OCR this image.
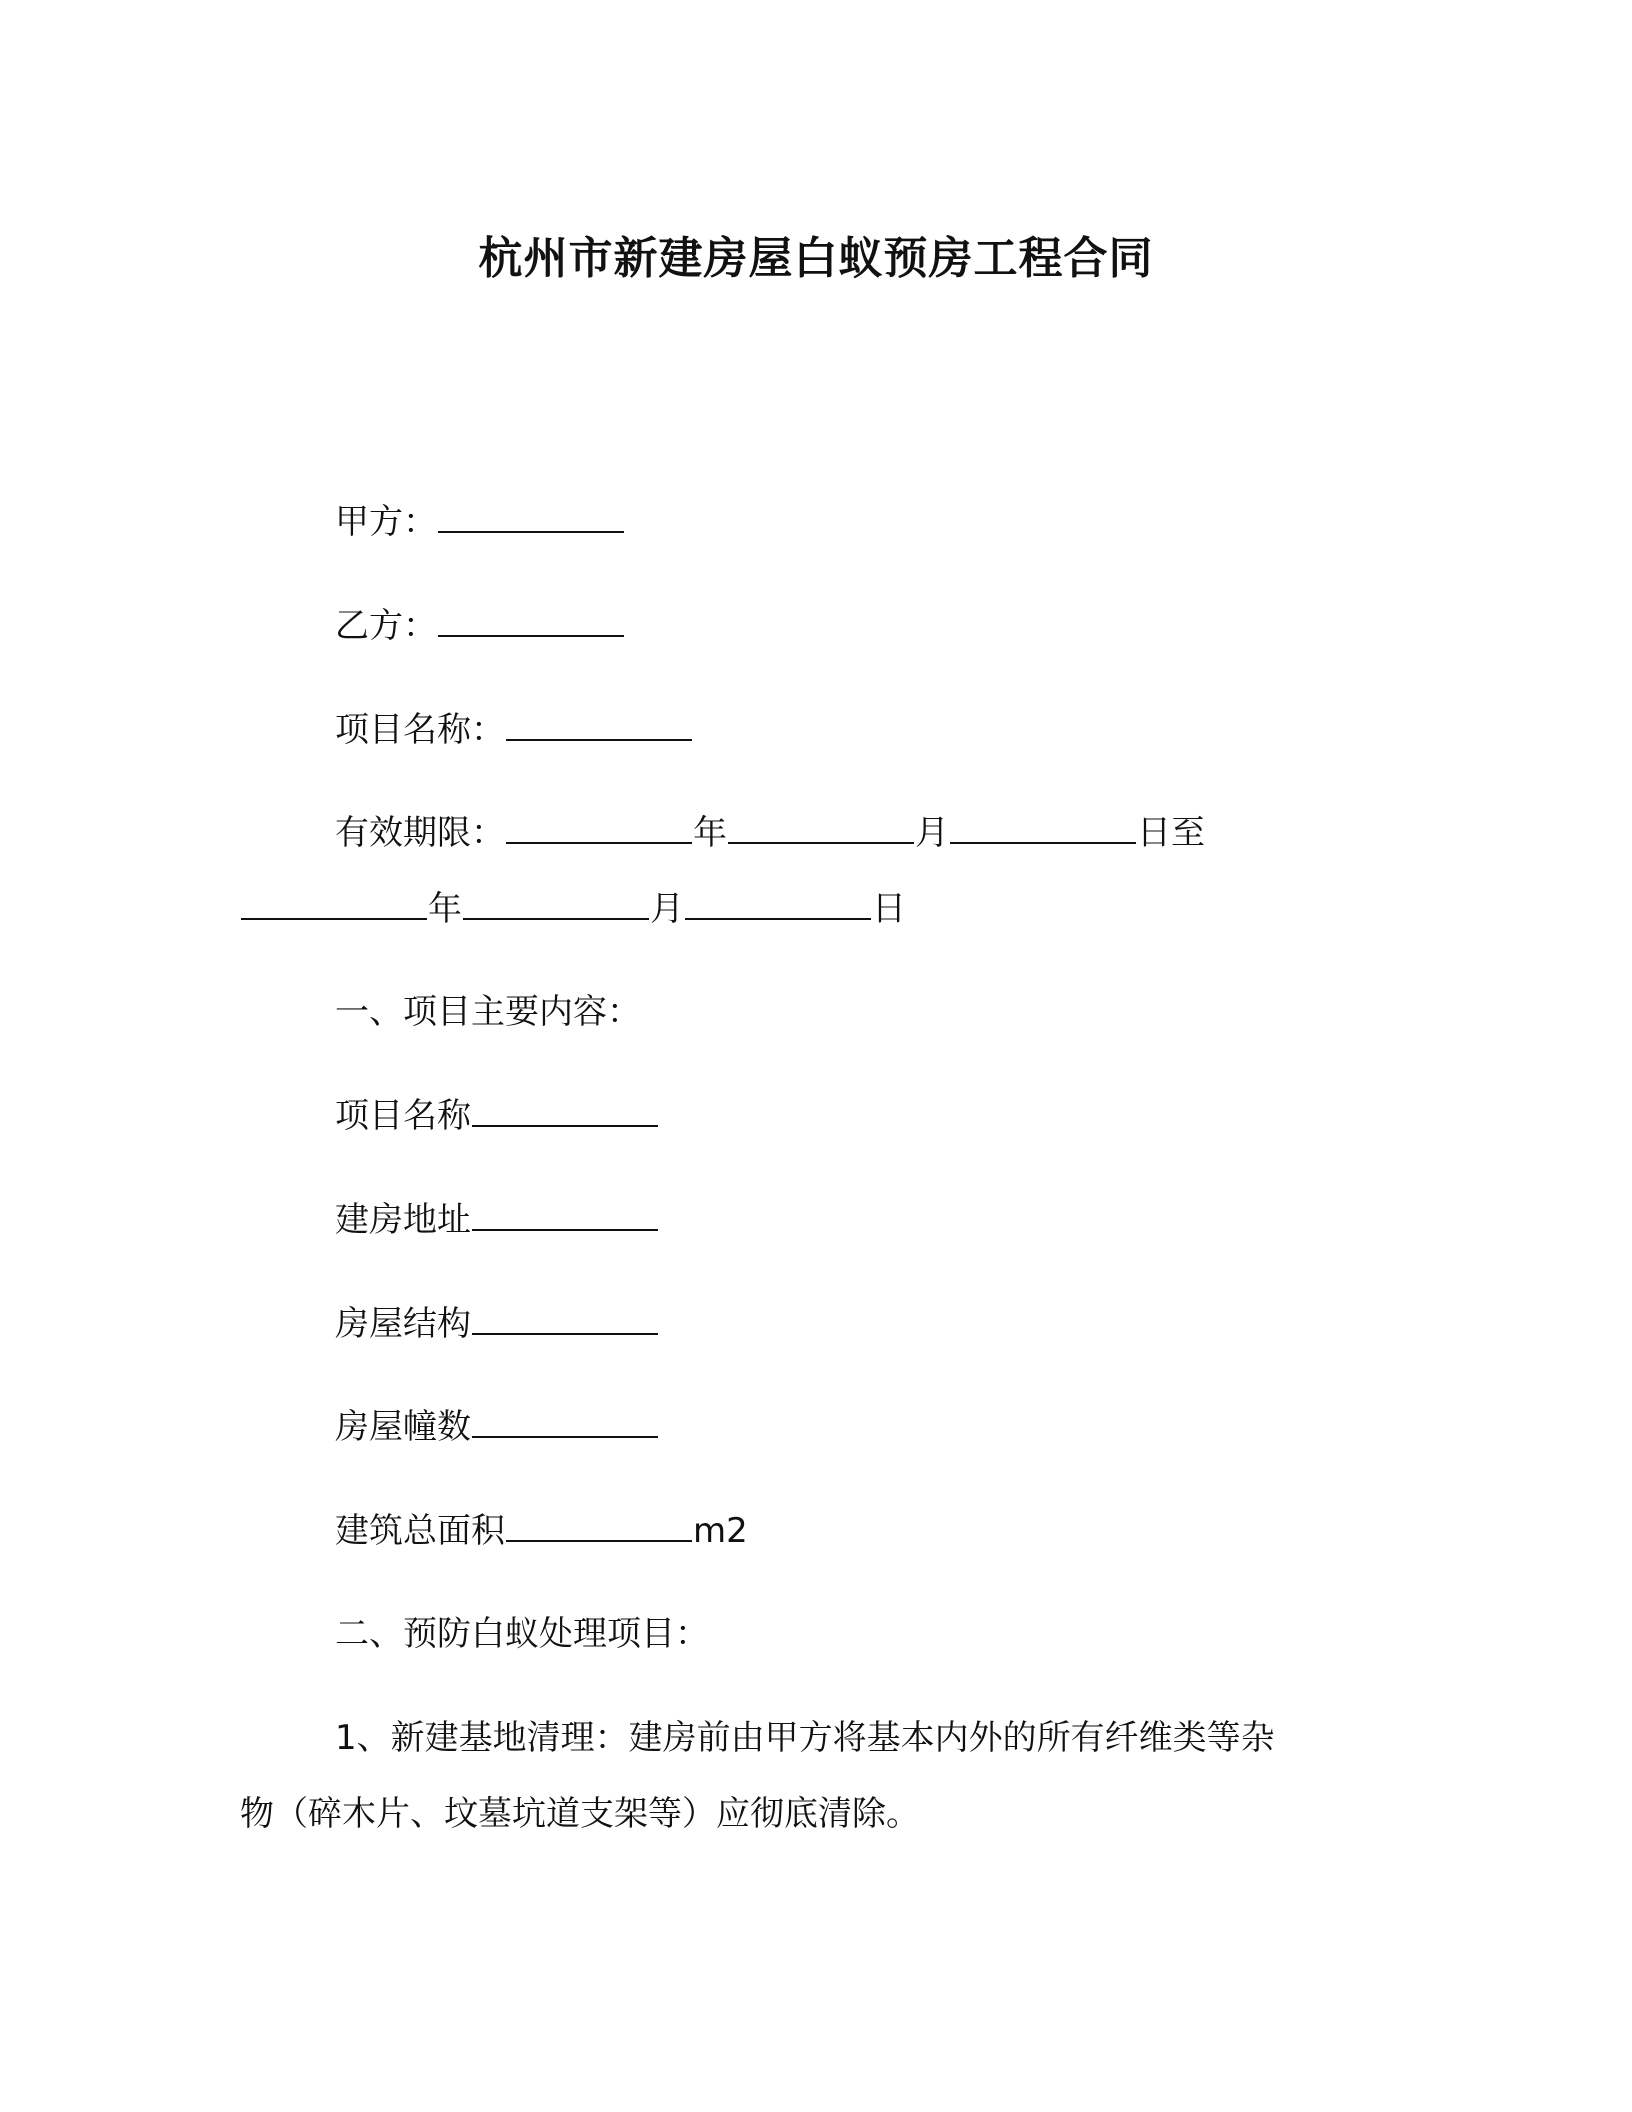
杭州市新建房屋白蚁预房工程合同
甲方：
乙方：
项目名称：
有效期限：	年	月	日至
年	月	日
一、项目主要内容：
项目名称
建房地址
房屋结构
房屋幢数
建筑总面积	m2
二、预防白蚁处理项目：
1、新建基地清理：建房前由甲方将基本内外的所有纤维类等杂
物（碎木片、坟墓坑道支架等）应彻底清除。
